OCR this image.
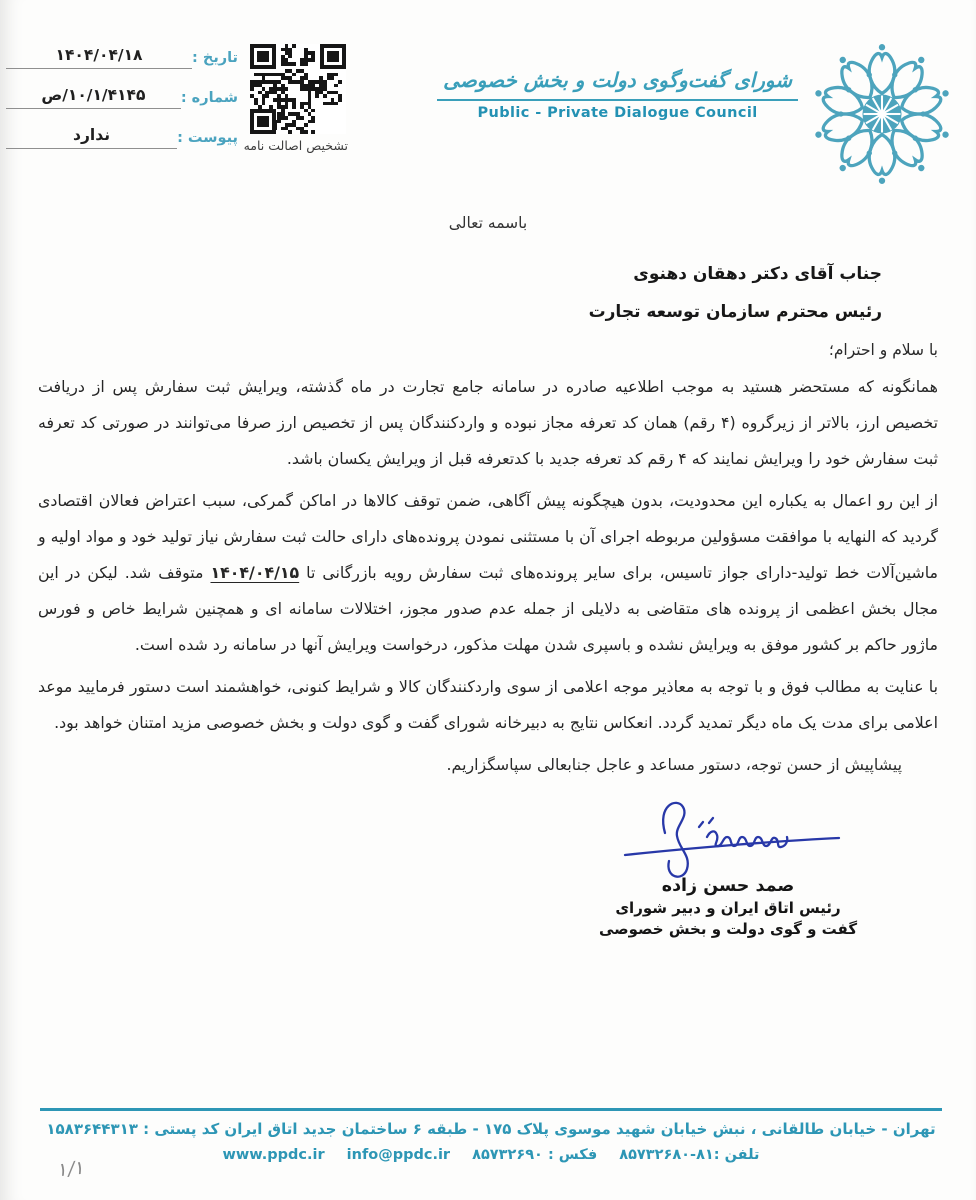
تاریخ :
۱۴۰۴/۰۴/۱۸
شماره :
۱۰/۱/۴۱۴۵/ص
پیوست :
ندارد
تشخیص اصالت نامه
شورای گفت‌وگوی دولت و بخش خصوصی
Public - Private Dialogue Council
باسمه تعالی
جناب آقای دکتر دهقان دهنوی
رئیس محترم سازمان توسعه تجارت
با سلام و احترام؛

همانگونه که مستحضر هستید به موجب اطلاعیه صادره در سامانه جامع تجارت در ماه گذشته، ویرایش ثبت سفارش پس از دریافت تخصیص ارز، بالاتر از زیرگروه (۴ رقم) همان کد تعرفه مجاز نبوده و واردکنندگان پس از تخصیص ارز صرفا می‌توانند در صورتی کد تعرفه ثبت سفارش خود را ویرایش نمایند که ۴ رقم کد تعرفه جدید با کدتعرفه قبل از ویرایش یکسان باشد.

از این رو اعمال به یکباره این محدودیت، بدون هیچگونه پیش آگاهی، ضمن توقف کالاها در اماکن گمرکی، سبب اعتراض فعالان اقتصادی گردید که النهایه با موافقت مسؤولین مربوطه اجرای آن با مستثنی نمودن پرونده‌های دارای حالت ثبت سفارش نیاز تولید خود و مواد اولیه و ماشین‌آلات خط تولید-دارای جواز تاسیس، برای سایر پرونده‌های ثبت سفارش رویه بازرگانی تا ۱۴۰۴/۰۴/۱۵ متوقف شد. لیکن در این مجال بخش اعظمی از پرونده های متقاضی به دلایلی از جمله عدم صدور مجوز، اختلالات سامانه ای و همچنین شرایط خاص و فورس ماژور حاکم بر کشور موفق به ویرایش نشده و باسپری شدن مهلت مذکور، درخواست ویرایش آنها در سامانه رد شده است.

با عنایت به مطالب فوق و با توجه به معاذیر موجه اعلامی از سوی واردکنندگان کالا و شرایط کنونی، خواهشمند است دستور فرمایید موعد اعلامی برای مدت یک ماه دیگر تمدید گردد. انعکاس نتایج به دبیرخانه شورای گفت و گوی دولت و بخش خصوصی مزید امتنان خواهد بود.

پیشاپیش از حسن توجه، دستور مساعد و عاجل جنابعالی سپاسگزاریم.
صمد حسن زاده
رئیس اتاق ایران و دبیر شورای
گفت و گوی دولت و بخش خصوصی
تهران - خیابان طالقانی ، نبش خیابان شهید موسوی پلاک ۱۷۵ - طبقه ۶ ساختمان جدید اتاق ایران کد پستی : ۱۵۸۳۶۴۴۳۱۳
تلفن :۸۱-۸۵۷۳۲۶۸۰
فکس : ۸۵۷۳۲۶۹۰
info@ppdc.ir
www.ppdc.ir
۱/۱
